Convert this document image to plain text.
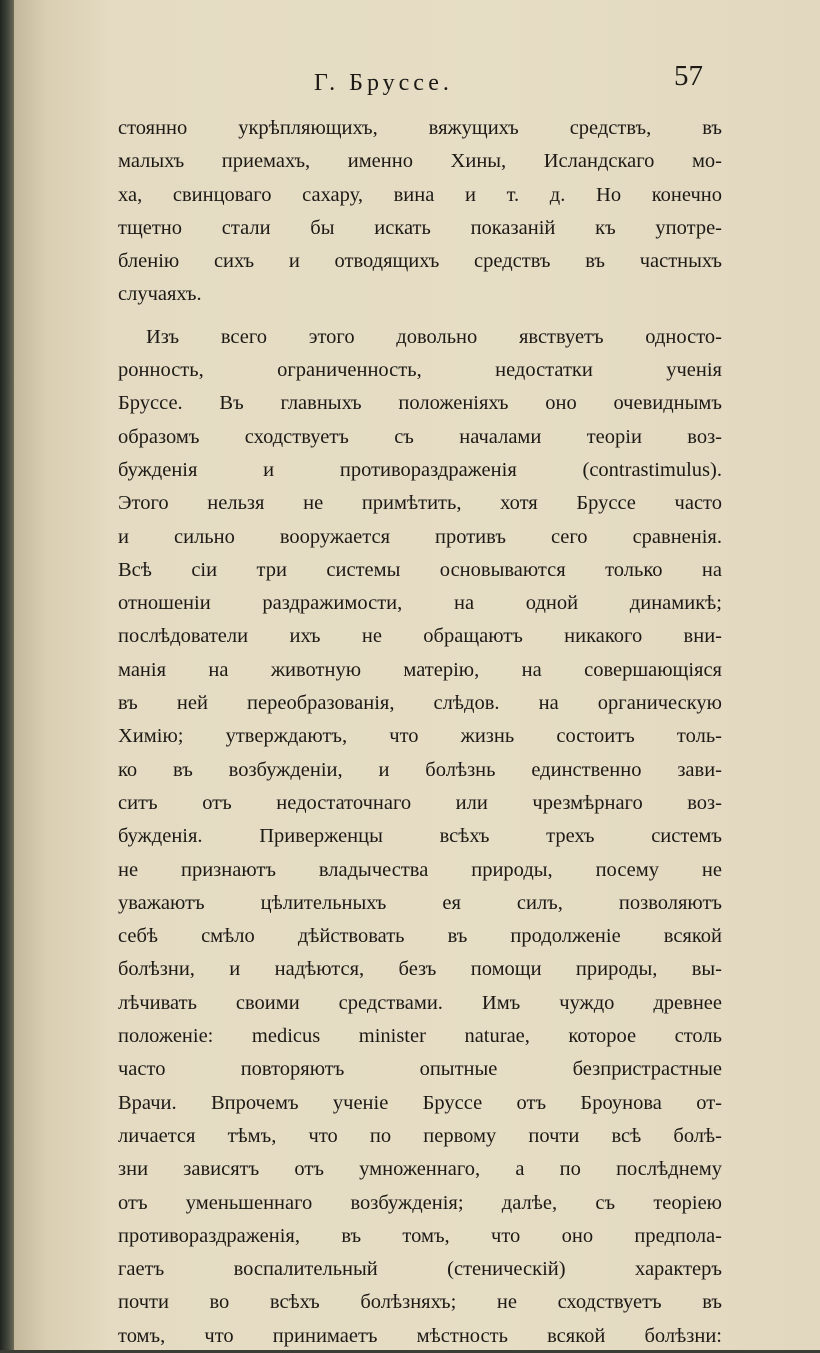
Г. Бруссе.	57
стоянно укрѣпляющихъ, вяжущихъ средствъ, въ
малыхъ приемахъ, именно Хины, Исландскаго мо-
ха, свинцоваго сахару, вина и т. д. Но конечно
тщетно стали бы искать показаній къ употре-
бленію сихъ и отводящихъ средствъ въ частныхъ
случаяхъ.
Изъ всего этого довольно явствуетъ односто-
ронность, ограниченность, недостатки ученія
Бруссе. Въ главныхъ положеніяхъ оно очевиднымъ
образомъ сходствуетъ съ началами теоріи воз-
бужденія и противораздраженія (contrastimulus).
Этого нельзя не примѣтить, хотя Бруссе часто
и сильно вооружается противъ сего сравненія.
Всѣ сіи три системы основываются только на
отношеніи раздражимости, на одной динамикѣ;
послѣдователи ихъ не обращаютъ никакого вни-
манія на животную матерію, на совершающіяся
въ ней переобразованія, слѣдов. на органическую
Химію; утверждаютъ, что жизнь состоитъ толь-
ко въ возбужденіи, и болѣзнь единственно зави-
ситъ отъ недостаточнаго или чрезмѣрнаго воз-
бужденія. Приверженцы всѣхъ трехъ системъ
не признаютъ владычества природы, посему не
уважаютъ цѣлительныхъ ея силъ, позволяютъ
себѣ смѣло дѣйствовать въ продолженіе всякой
болѣзни, и надѣются, безъ помощи природы, вы-
лѣчивать своими средствами. Имъ чуждо древнее
положеніе: medicus minister naturae, которое столь
часто повторяютъ опытные безпристрастные
Врачи. Впрочемъ ученіе Бруссе отъ Броунова от-
личается тѣмъ, что по первому почти всѣ болѣ-
зни зависятъ отъ умноженнаго, а по послѣднему
отъ уменьшеннаго возбужденія; далѣе, съ теоріею
противораздраженія, въ томъ, что оно предпола-
гаетъ воспалительный (стеническій) характеръ
почти во всѣхъ болѣзняхъ; не сходствуетъ въ
томъ, что принимаетъ мѣстность всякой болѣзни:
